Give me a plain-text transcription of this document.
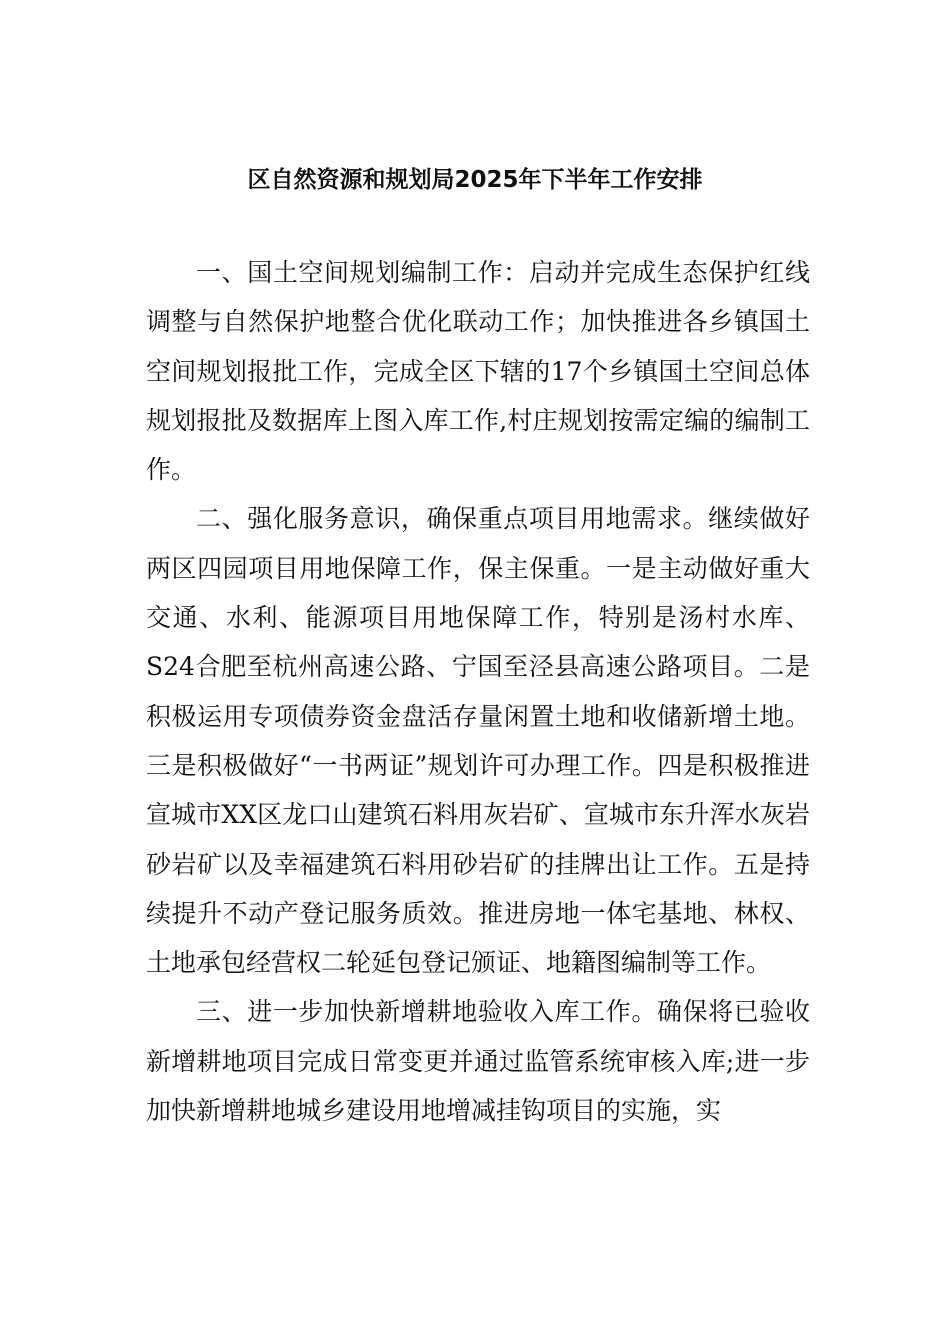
区自然资源和规划局2025年下半年工作安排

一、国土空间规划编制工作：启动并完成生态保护红线调整与自然保护地整合优化联动工作；加快推进各乡镇国土空间规划报批工作，完成全区下辖的17个乡镇国土空间总体规划报批及数据库上图入库工作,村庄规划按需定编的编制工作。

二、强化服务意识，确保重点项目用地需求。继续做好两区四园项目用地保障工作，保主保重。一是主动做好重大交通、水利、能源项目用地保障工作，特别是汤村水库、S24合肥至杭州高速公路、宁国至泾县高速公路项目。二是积极运用专项债券资金盘活存量闲置土地和收储新增土地。三是积极做好“一书两证”规划许可办理工作。四是积极推进宣城市XX区龙口山建筑石料用灰岩矿、宣城市东升浑水灰岩砂岩矿以及幸福建筑石料用砂岩矿的挂牌出让工作。五是持续提升不动产登记服务质效。推进房地一体宅基地、林权、土地承包经营权二轮延包登记颁证、地籍图编制等工作。

三、进一步加快新增耕地验收入库工作。确保将已验收新增耕地项目完成日常变更并通过监管系统审核入库;进一步加快新增耕地城乡建设用地增减挂钩项目的实施，实
